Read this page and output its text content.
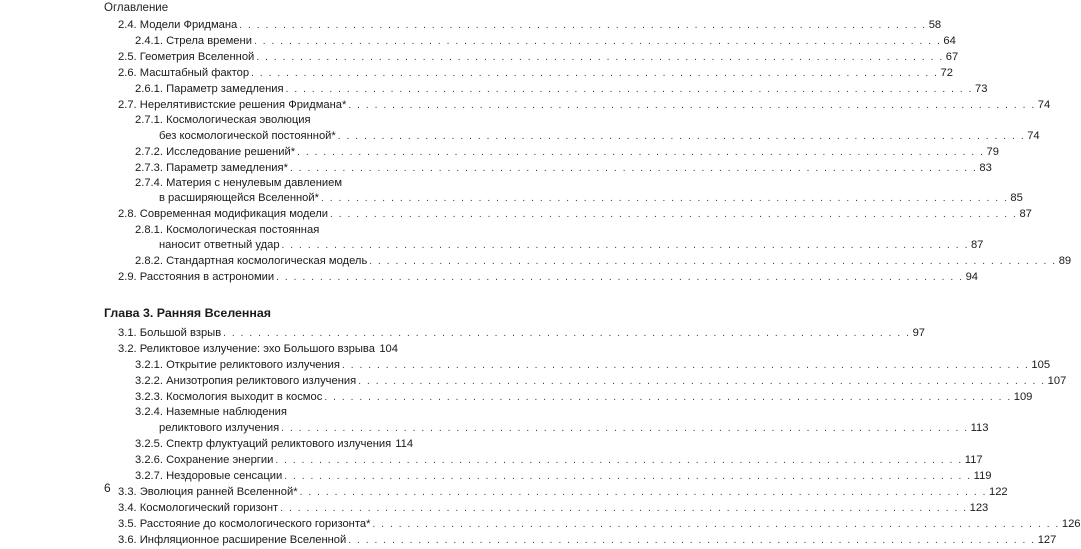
Оглавление
2.4. Модели Фридмана . . . . . . . . . . . . . . . . . . . . . . . . . . . . . . . . . . . . . . . . . . . . . . . . . . . . . . . . . . . . . . . . . . . . . . . . . . . . . . . 58
2.4.1. Стрела времени . . . . . . . . . . . . . . . . . . . . . . . . . . . . . . . . . . . . . . . . . . . . . . . . . . . . . . . . . . . . . . . . . . . . . . . . . . . . . . . 64
2.5. Геометрия Вселенной . . . . . . . . . . . . . . . . . . . . . . . . . . . . . . . . . . . . . . . . . . . . . . . . . . . . . . . . . . . . . . . . . . . . . . . . . . . . . . . 67
2.6. Масштабный фактор . . . . . . . . . . . . . . . . . . . . . . . . . . . . . . . . . . . . . . . . . . . . . . . . . . . . . . . . . . . . . . . . . . . . . . . . . . . . . . . 72
2.6.1. Параметр замедления . . . . . . . . . . . . . . . . . . . . . . . . . . . . . . . . . . . . . . . . . . . . . . . . . . . . . . . . . . . . . . . . . . . . . . . . . . . . . . . 73
2.7. Нерелятивистские решения Фридмана* . . . . . . . . . . . . . . . . . . . . . . . . . . . . . . . . . . . . . . . . . . . . . . . . . . . . . . . . . . . . . . . . . . . . . . . . . . . . . . . 74
2.7.1. Космологическая эволюция
без космологической постоянной* . . . . . . . . . . . . . . . . . . . . . . . . . . . . . . . . . . . . . . . . . . . . . . . . . . . . . . . . . . . . . . . . . . . . . . . . . . . . . . . 74
2.7.2. Исследование решений* . . . . . . . . . . . . . . . . . . . . . . . . . . . . . . . . . . . . . . . . . . . . . . . . . . . . . . . . . . . . . . . . . . . . . . . . . . . . . . . 79
2.7.3. Параметр замедления* . . . . . . . . . . . . . . . . . . . . . . . . . . . . . . . . . . . . . . . . . . . . . . . . . . . . . . . . . . . . . . . . . . . . . . . . . . . . . . . 83
2.7.4. Материя с ненулевым давлением
в расширяющейся Вселенной* . . . . . . . . . . . . . . . . . . . . . . . . . . . . . . . . . . . . . . . . . . . . . . . . . . . . . . . . . . . . . . . . . . . . . . . . . . . . . . . 85
2.8. Современная модификация модели . . . . . . . . . . . . . . . . . . . . . . . . . . . . . . . . . . . . . . . . . . . . . . . . . . . . . . . . . . . . . . . . . . . . . . . . . . . . . . . 87
2.8.1. Космологическая постоянная
наносит ответный удар . . . . . . . . . . . . . . . . . . . . . . . . . . . . . . . . . . . . . . . . . . . . . . . . . . . . . . . . . . . . . . . . . . . . . . . . . . . . . . . 87
2.8.2. Стандартная космологическая модель . . . . . . . . . . . . . . . . . . . . . . . . . . . . . . . . . . . . . . . . . . . . . . . . . . . . . . . . . . . . . . . . . . . . . . . . . . . . . . . 89
2.9. Расстояния в астрономии . . . . . . . . . . . . . . . . . . . . . . . . . . . . . . . . . . . . . . . . . . . . . . . . . . . . . . . . . . . . . . . . . . . . . . . . . . . . . . . 94
Глава 3. Ранняя Вселенная
3.1. Большой взрыв . . . . . . . . . . . . . . . . . . . . . . . . . . . . . . . . . . . . . . . . . . . . . . . . . . . . . . . . . . . . . . . . . . . . . . . . . . . . . . . 97
3.2. Реликтовое излучение: эхо Большого взрыва 104
3.2.1. Открытие реликтового излучения . . . . . . . . . . . . . . . . . . . . . . . . . . . . . . . . . . . . . . . . . . . . . . . . . . . . . . . . . . . . . . . . . . . . . . . . . . . . . . . 105
3.2.2. Анизотропия реликтового излучения . . . . . . . . . . . . . . . . . . . . . . . . . . . . . . . . . . . . . . . . . . . . . . . . . . . . . . . . . . . . . . . . . . . . . . . . . . . . . . . 107
3.2.3. Космология выходит в космос . . . . . . . . . . . . . . . . . . . . . . . . . . . . . . . . . . . . . . . . . . . . . . . . . . . . . . . . . . . . . . . . . . . . . . . . . . . . . . . 109
3.2.4. Наземные наблюдения
реликтового излучения . . . . . . . . . . . . . . . . . . . . . . . . . . . . . . . . . . . . . . . . . . . . . . . . . . . . . . . . . . . . . . . . . . . . . . . . . . . . . . . 113
3.2.5. Спектр флуктуаций реликтового излучения 114
3.2.6. Сохранение энергии . . . . . . . . . . . . . . . . . . . . . . . . . . . . . . . . . . . . . . . . . . . . . . . . . . . . . . . . . . . . . . . . . . . . . . . . . . . . . . . 117
3.2.7. Нездоровые сенсации . . . . . . . . . . . . . . . . . . . . . . . . . . . . . . . . . . . . . . . . . . . . . . . . . . . . . . . . . . . . . . . . . . . . . . . . . . . . . . . 119
3.3. Эволюция ранней Вселенной* . . . . . . . . . . . . . . . . . . . . . . . . . . . . . . . . . . . . . . . . . . . . . . . . . . . . . . . . . . . . . . . . . . . . . . . . . . . . . . . 122
3.4. Космологический горизонт . . . . . . . . . . . . . . . . . . . . . . . . . . . . . . . . . . . . . . . . . . . . . . . . . . . . . . . . . . . . . . . . . . . . . . . . . . . . . . . 123
3.5. Расстояние до космологического горизонта* . . . . . . . . . . . . . . . . . . . . . . . . . . . . . . . . . . . . . . . . . . . . . . . . . . . . . . . . . . . . . . . . . . . . . . . . . . . . . . . 126
3.6. Инфляционное расширение Вселенной . . . . . . . . . . . . . . . . . . . . . . . . . . . . . . . . . . . . . . . . . . . . . . . . . . . . . . . . . . . . . . . . . . . . . . . . . . . . . . . 127
6
